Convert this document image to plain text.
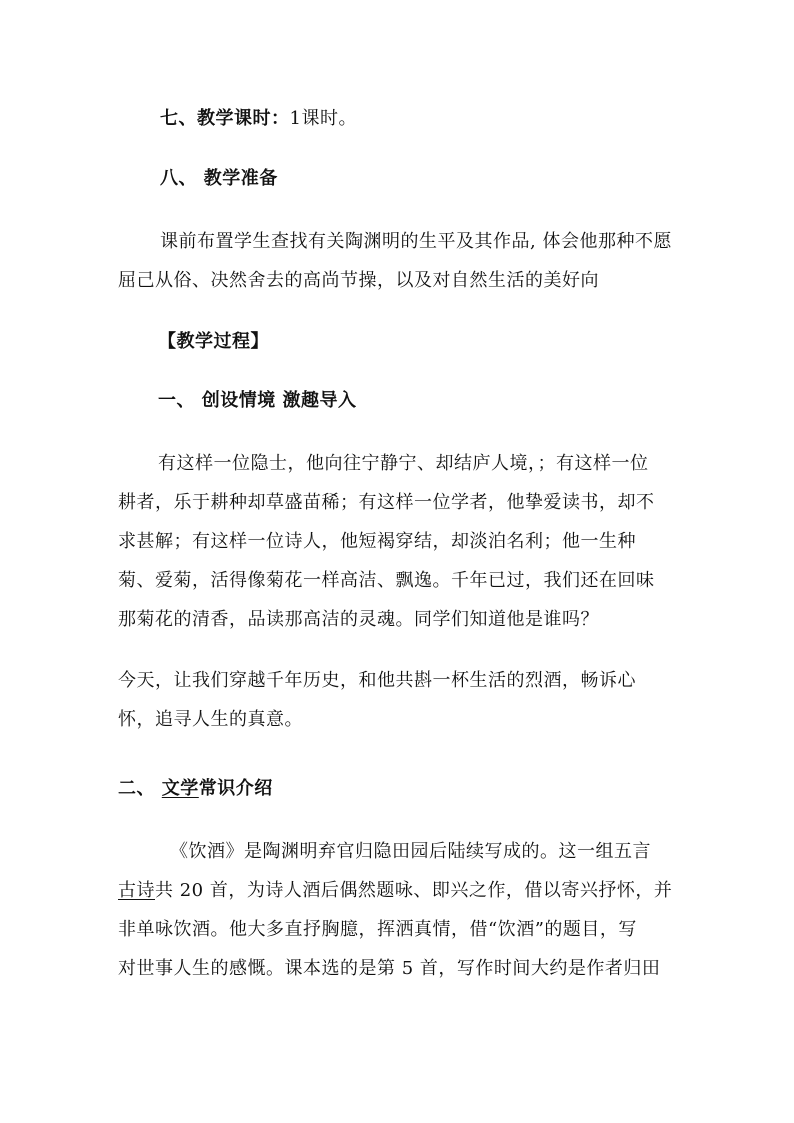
七、教学课时：1课时。
八、 教学准备
课前布置学生查找有关陶渊明的生平及其作品, 体会他那种不愿
屈己从俗、决然舍去的高尚节操，以及对自然生活的美好向
【教学过程】
一、 创设情境 激趣导入
有这样一位隐士，他向往宁静宁、却结庐人境，；有这样一位
耕者，乐于耕种却草盛苗稀；有这样一位学者，他挚爱读书，却不
求甚解；有这样一位诗人，他短褐穿结，却淡泊名利；他一生种
菊、爱菊，活得像菊花一样高洁、飘逸。千年已过，我们还在回味
那菊花的清香，品读那高洁的灵魂。同学们知道他是谁吗？
今天，让我们穿越千年历史，和他共斟一杯生活的烈酒，畅诉心
怀，追寻人生的真意。
二、 文学常识介绍
《饮酒》是陶渊明弃官归隐田园后陆续写成的。这一组五言
古诗共 20 首，为诗人酒后偶然题咏、即兴之作，借以寄兴抒怀，并
非单咏饮酒。他大多直抒胸臆，挥洒真情，借“饮酒”的题目，写
对世事人生的感慨。课本选的是第 5 首，写作时间大约是作者归田
